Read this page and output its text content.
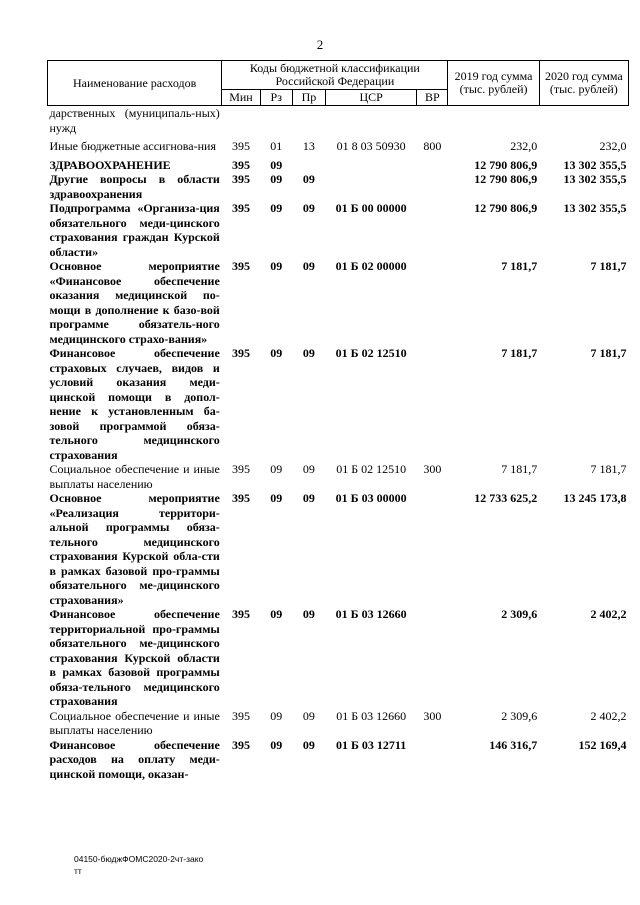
2
Наименование расходов	Коды бюджетной классификации Российской Федерации					2019 год сумма (тыс. рублей)	2020 год сумма (тыс. рублей)
	Мин	Рз	Пр	ЦСР	ВР		
дарственных (муниципаль-ных) нужд							
Иные бюджетные ассигнова-ния	395	01	13	01 8 03 50930	800	232,0	232,0
ЗДРАВООХРАНЕНИЕ	395	09				12 790 806,9	13 302 355,5
Другие вопросы в области здравоохранения	395	09	09			12 790 806,9	13 302 355,5
Подпрограмма «Организа-ция обязательного меди-цинского страхования граждан Курской области»	395	09	09	01 Б 00 00000		12 790 806,9	13 302 355,5
Основное мероприятие «Финансовое обеспечение оказания медицинской по-мощи в дополнение к базо-вой программе обязатель-ного медицинского страхо-вания»	395	09	09	01 Б 02 00000		7 181,7	7 181,7
Финансовое обеспечение страховых случаев, видов и условий оказания меди-цинской помощи в допол-нение к установленным ба-зовой программой обяза-тельного медицинского страхования	395	09	09	01 Б 02 12510		7 181,7	7 181,7
Социальное обеспечение и иные выплаты населению	395	09	09	01 Б 02 12510	300	7 181,7	7 181,7
Основное мероприятие «Реализация территори-альной программы обяза-тельного медицинского страхования Курской обла-сти в рамках базовой про-граммы обязательного ме-дицинского страхования»	395	09	09	01 Б 03 00000		12 733 625,2	13 245 173,8
Финансовое обеспечение территориальной про-граммы обязательного ме-дицинского страхования Курской области в рамках базовой программы обяза-тельного медицинского страхования	395	09	09	01 Б 03 12660		2 309,6	2 402,2
Социальное обеспечение и иные выплаты населению	395	09	09	01 Б 03 12660	300	2 309,6	2 402,2
Финансовое обеспечение расходов на оплату меди-цинской помощи, оказан-	395	09	09	01 Б 03 12711		146 316,7	152 169,4
04150-бюджФОМС2020-2чт-зако
тт
